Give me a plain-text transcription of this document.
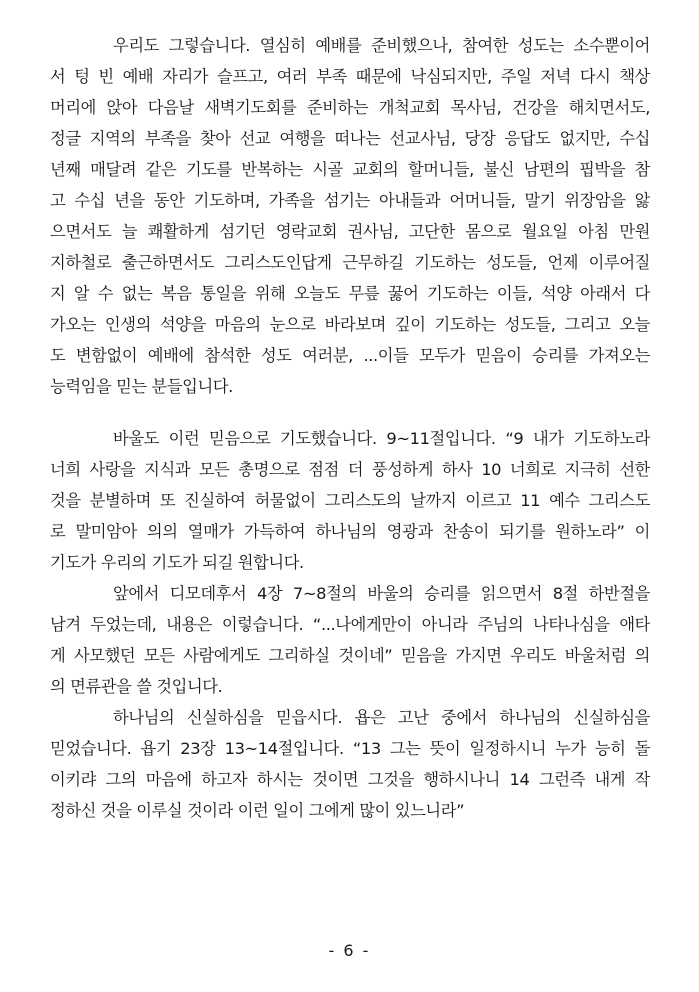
우리도 그렇습니다. 열심히 예배를 준비했으나, 참여한 성도는 소수뿐이어
서 텅 빈 예배 자리가 슬프고, 여러 부족 때문에 낙심되지만, 주일 저녁 다시 책상
머리에 앉아 다음날 새벽기도회를 준비하는 개척교회 목사님, 건강을 해치면서도,
정글 지역의 부족을 찾아 선교 여행을 떠나는 선교사님, 당장 응답도 없지만, 수십
년째 매달려 같은 기도를 반복하는 시골 교회의 할머니들, 불신 남편의 핍박을 참
고 수십 년을 동안 기도하며, 가족을 섬기는 아내들과 어머니들, 말기 위장암을 앓
으면서도 늘 쾌활하게 섬기던 영락교회 권사님, 고단한 몸으로 월요일 아침 만원
지하철로 출근하면서도 그리스도인답게 근무하길 기도하는 성도들, 언제 이루어질
지 알 수 없는 복음 통일을 위해 오늘도 무릎 꿇어 기도하는 이들, 석양 아래서 다
가오는 인생의 석양을 마음의 눈으로 바라보며 깊이 기도하는 성도들, 그리고 오늘
도 변함없이 예배에 참석한 성도 여러분, ...이들 모두가 믿음이 승리를 가져오는
능력임을 믿는 분들입니다.
바울도 이런 믿음으로 기도했습니다. 9~11절입니다. “9 내가 기도하노라
너희 사랑을 지식과 모든 총명으로 점점 더 풍성하게 하사 10 너희로 지극히 선한
것을 분별하며 또 진실하여 허물없이 그리스도의 날까지 이르고 11 예수 그리스도
로 말미암아 의의 열매가 가득하여 하나님의 영광과 찬송이 되기를 원하노라” 이
기도가 우리의 기도가 되길 원합니다.
앞에서 디모데후서 4장 7~8절의 바울의 승리를 읽으면서 8절 하반절을
남겨 두었는데, 내용은 이렇습니다. “...나에게만이 아니라 주님의 나타나심을 애타
게 사모했던 모든 사람에게도 그리하실 것이네” 믿음을 가지면 우리도 바울처럼 의
의 면류관을 쓸 것입니다.
하나님의 신실하심을 믿읍시다. 욥은 고난 중에서 하나님의 신실하심을
믿었습니다. 욥기 23장 13~14절입니다. “13 그는 뜻이 일정하시니 누가 능히 돌
이키랴 그의 마음에 하고자 하시는 것이면 그것을 행하시나니 14 그런즉 내게 작
정하신 것을 이루실 것이라 이런 일이 그에게 많이 있느니라”
- 6 -
